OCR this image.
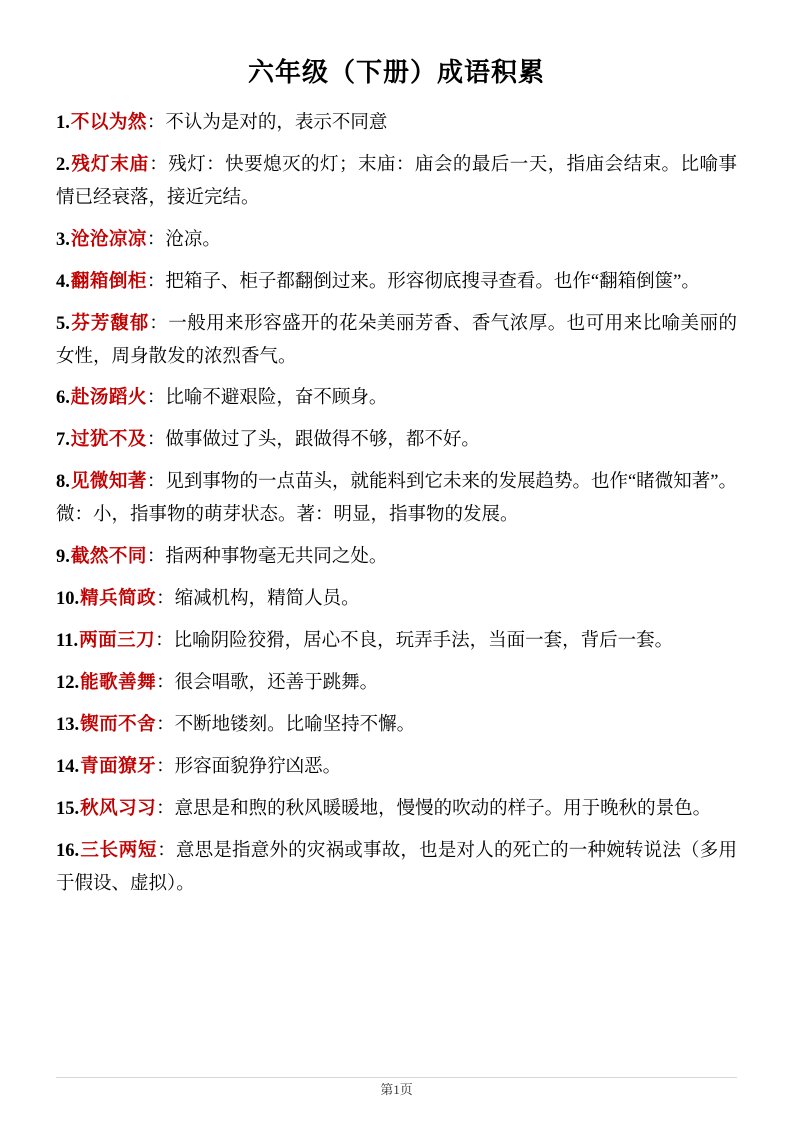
六年级（下册）成语积累

1.不以为然：不认为是对的，表示不同意

2.残灯末庙：残灯：快要熄灭的灯；末庙：庙会的最后一天，指庙会结束。比喻事情已经衰落，接近完结。

3.沧沧凉凉：沧凉。

4.翻箱倒柜：把箱子、柜子都翻倒过来。形容彻底搜寻查看。也作“翻箱倒箧”。

5.芬芳馥郁：一般用来形容盛开的花朵美丽芳香、香气浓厚。也可用来比喻美丽的女性，周身散发的浓烈香气。

6.赴汤蹈火：比喻不避艰险，奋不顾身。

7.过犹不及：做事做过了头，跟做得不够，都不好。

8.见微知著：见到事物的一点苗头，就能料到它未来的发展趋势。也作“睹微知著”。微：小，指事物的萌芽状态。著：明显，指事物的发展。

9.截然不同：指两种事物毫无共同之处。

10.精兵简政：缩减机构，精简人员。

11.两面三刀：比喻阴险狡猾，居心不良，玩弄手法，当面一套，背后一套。

12.能歌善舞：很会唱歌，还善于跳舞。

13.锲而不舍：不断地镂刻。比喻坚持不懈。

14.青面獠牙：形容面貌狰狞凶恶。

15.秋风习习：意思是和煦的秋风暖暖地，慢慢的吹动的样子。用于晚秋的景色。

16.三长两短：意思是指意外的灾祸或事故，也是对人的死亡的一种婉转说法（多用于假设、虚拟）。

第1页
